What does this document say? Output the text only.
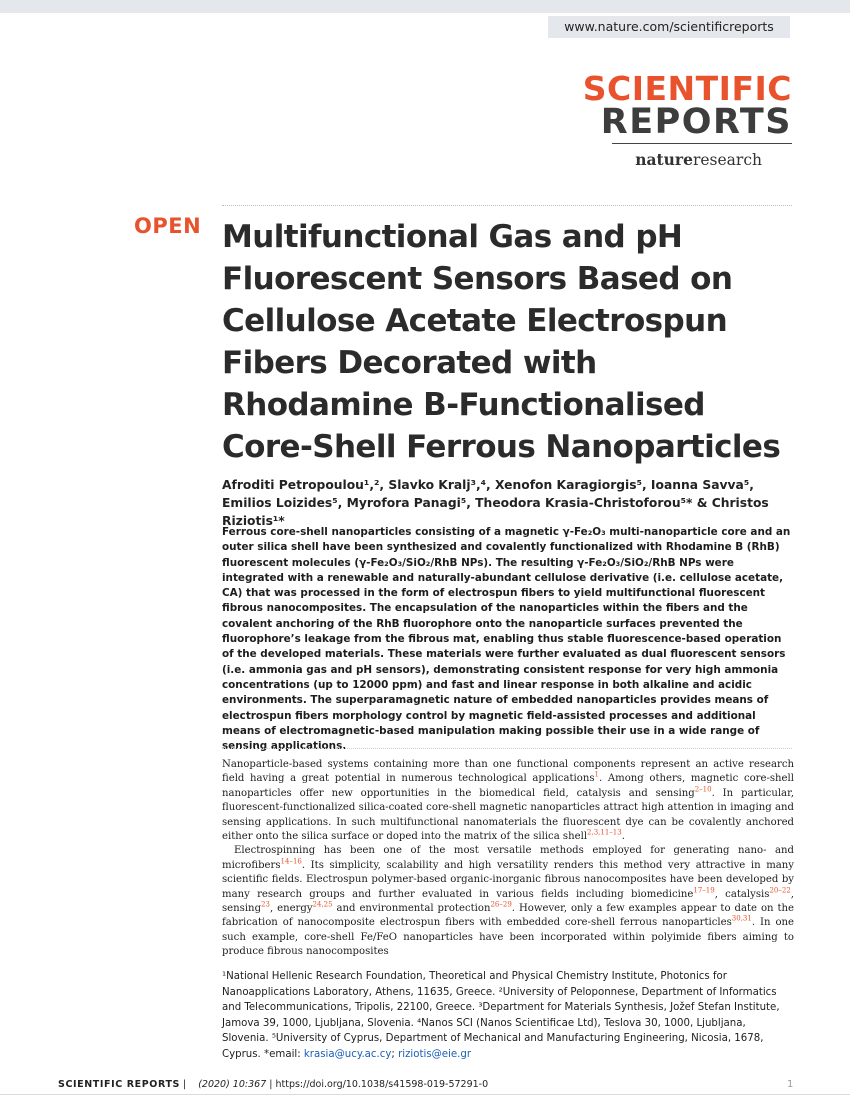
www.nature.com/scientificreports
SCIENTIFIC
REPORTS
natureresearch
OPEN Multifunctional Gas and pH Fluorescent Sensors Based on Cellulose Acetate Electrospun Fibers Decorated with Rhodamine B-Functionalised Core-Shell Ferrous Nanoparticles
Afroditi Petropoulou¹,², Slavko Kralj³,⁴, Xenofon Karagiorgis⁵, Ioanna Savva⁵,
Emilios Loizides⁵, Myrofora Panagi⁵, Theodora Krasia-Christoforou⁵* & Christos Riziotis¹*

Ferrous core-shell nanoparticles consisting of a magnetic γ-Fe₂O₃ multi-nanoparticle core and an outer silica shell have been synthesized and covalently functionalized with Rhodamine B (RhB) fluorescent molecules (γ-Fe₂O₃/SiO₂/RhB NPs). The resulting γ-Fe₂O₃/SiO₂/RhB NPs were integrated with a renewable and naturally-abundant cellulose derivative (i.e. cellulose acetate, CA) that was processed in the form of electrospun fibers to yield multifunctional fluorescent fibrous nanocomposites. The encapsulation of the nanoparticles within the fibers and the covalent anchoring of the RhB fluorophore onto the nanoparticle surfaces prevented the fluorophore’s leakage from the fibrous mat, enabling thus stable fluorescence-based operation of the developed materials. These materials were further evaluated as dual fluorescent sensors (i.e. ammonia gas and pH sensors), demonstrating consistent response for very high ammonia concentrations (up to 12000 ppm) and fast and linear response in both alkaline and acidic environments. The superparamagnetic nature of embedded nanoparticles provides means of electrospun fibers morphology control by magnetic field-assisted processes and additional means of electromagnetic-based manipulation making possible their use in a wide range of sensing applications.

Nanoparticle-based systems containing more than one functional components represent an active research field having a great potential in numerous technological applications$^1$. Among others, magnetic core-shell nanoparticles offer new opportunities in the biomedical field, catalysis and sensing$^{2-10}$. In particular, fluorescent-functionalized silica-coated core-shell magnetic nanoparticles attract high attention in imaging and sensing applications. In such multifunctional nanomaterials the fluorescent dye can be covalently anchored either onto the silica surface or doped into the matrix of the silica shell$^{2,3,11-13}$.

Electrospinning has been one of the most versatile methods employed for generating nano- and microfibers$^{14-16}$. Its simplicity, scalability and high versatility renders this method very attractive in many scientific fields. Electrospun polymer-based organic-inorganic fibrous nanocomposites have been developed by many research groups and further evaluated in various fields including biomedicine$^{17-19}$, catalysis$^{20-22}$, sensing$^{23}$, energy$^{24,25}$ and environmental protection$^{26-29}$. However, only a few examples appear to date on the fabrication of nanocomposite electrospun fibers with embedded core-shell ferrous nanoparticles$^{30,31}$. In one such example, core-shell Fe/FeO nanoparticles have been incorporated within polyimide fibers aiming to produce fibrous nanocomposites

¹National Hellenic Research Foundation, Theoretical and Physical Chemistry Institute, Photonics for Nanoapplications Laboratory, Athens, 11635, Greece. ²University of Peloponnese, Department of Informatics and Telecommunications, Tripolis, 22100, Greece. ³Department for Materials Synthesis, Jožef Stefan Institute, Jamova 39, 1000, Ljubljana, Slovenia. ⁴Nanos SCI (Nanos Scientificae Ltd), Teslova 30, 1000, Ljubljana, Slovenia. ⁵University of Cyprus, Department of Mechanical and Manufacturing Engineering, Nicosia, 1678, Cyprus. *email: krasia@ucy.ac.cy; riziotis@eie.gr
SCIENTIFIC REPORTS | (2020) 10:367 | https://doi.org/10.1038/s41598-019-57291-0	1
